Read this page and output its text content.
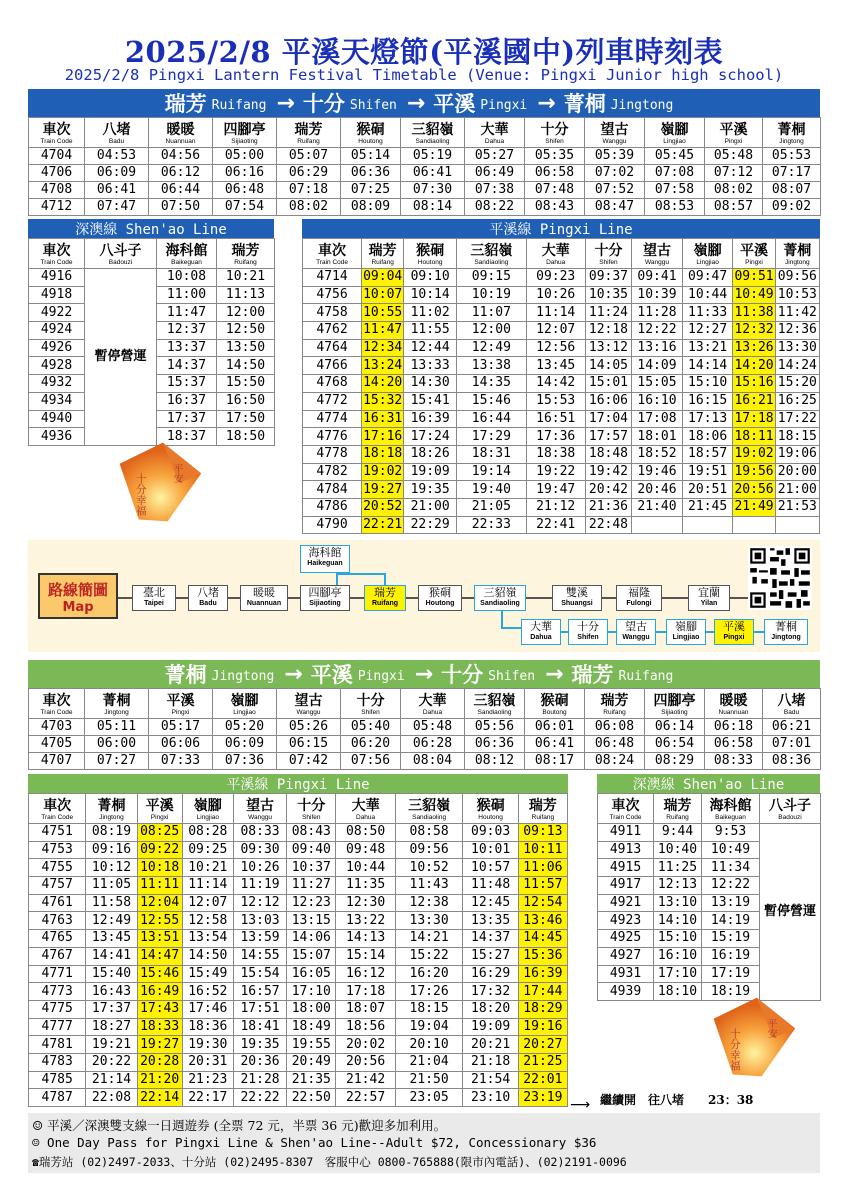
2025/2/8 平溪天燈節(平溪國中)列車時刻表
2025/2/8 Pingxi Lantern Festival Timetable (Venue: Pingxi Junior high school)
瑞芳 Ruifang → 十分 Shifen → 平溪 Pingxi → 菁桐 Jingtong
車次
Train Code	八堵
Badu	暖暖
Nuannuan	四腳亭
Sijiaoting	瑞芳
Ruifang	猴硐
Houtong	三貂嶺
Sandiaoling	大華
Dahua	十分
Shifen	望古
Wanggu	嶺腳
Lingjiao	平溪
Pingxi	菁桐
Jingtong

4704	04:53	04:56	05:00	05:07	05:14	05:19	05:27	05:35	05:39	05:45	05:48	05:53
4706	06:09	06:12	06:16	06:29	06:36	06:41	06:49	06:58	07:02	07:08	07:12	07:17
4708	06:41	06:44	06:48	07:18	07:25	07:30	07:38	07:48	07:52	07:58	08:02	08:07
4712	07:47	07:50	07:54	08:02	08:09	08:14	08:22	08:43	08:47	08:53	08:57	09:02
深澳線 Shen'ao Line
車次
Train Code	八斗子
Badouzi	海科館
Baikeguan	瑞芳
Ruifang

4916	暫停營運	10:08	10:21
4918		11:00	11:13
4922		11:47	12:00
4924		12:37	12:50
4926		13:37	13:50
4928		14:37	14:50
4932		15:37	15:50
4934		16:37	16:50
4940		17:37	17:50
4936		18:37	18:50
平溪線 Pingxi Line
車次
Train Code	瑞芳
Ruifang	猴硐
Houtong	三貂嶺
Sandiaoling	大華
Dahua	十分
Shifen	望古
Wanggu	嶺腳
Lingjiao	平溪
Pingxi	菁桐
Jingtong

4714	09:04	09:10	09:15	09:23	09:37	09:41	09:47	09:51	09:56
4756	10:07	10:14	10:19	10:26	10:35	10:39	10:44	10:49	10:53
4758	10:55	11:02	11:07	11:14	11:24	11:28	11:33	11:38	11:42
4762	11:47	11:55	12:00	12:07	12:18	12:22	12:27	12:32	12:36
4764	12:34	12:44	12:49	12:56	13:12	13:16	13:21	13:26	13:30
4766	13:24	13:33	13:38	13:45	14:05	14:09	14:14	14:20	14:24
4768	14:20	14:30	14:35	14:42	15:01	15:05	15:10	15:16	15:20
4772	15:32	15:41	15:46	15:53	16:06	16:10	16:15	16:21	16:25
4774	16:31	16:39	16:44	16:51	17:04	17:08	17:13	17:18	17:22
4776	17:16	17:24	17:29	17:36	17:57	18:01	18:06	18:11	18:15
4778	18:18	18:26	18:31	18:38	18:48	18:52	18:57	19:02	19:06
4782	19:02	19:09	19:14	19:22	19:42	19:46	19:51	19:56	20:00
4784	19:27	19:35	19:40	19:47	20:42	20:46	20:51	20:56	21:00
4786	20:52	21:00	21:05	21:12	21:36	21:40	21:45	21:49	21:53
4790	22:21	22:29	22:33	22:41	22:48				
路線簡圖
Map
海科館
Haikeguan
臺北
Taipei
八堵
Badu
暖暖
Nuannuan
四腳亭
Sijiaoting
瑞芳
Ruifang
猴硐
Houtong
三貂嶺
Sandiaoling
雙溪
Shuangsi
福隆
Fulongi
宜蘭
Yilan
大華
Dahua
十分
Shifen
望古
Wanggu
嶺腳
Lingjiao
平溪
Pingxi
菁桐
Jingtong
菁桐 Jingtong → 平溪 Pingxi → 十分 Shifen → 瑞芳 Ruifang
車次
Train Code	菁桐
Jingtong	平溪
Pingxi	嶺腳
Lingjiao	望古
Wanggu	十分
Shifen	大華
Dahua	三貂嶺
Sandiaoling	猴硐
Boutong	瑞芳
Ruifang	四腳亭
Sijiaoting	暖暖
Nuannuan	八堵
Badu

4703	05:11	05:17	05:20	05:26	05:40	05:48	05:56	06:01	06:08	06:14	06:18	06:21
4705	06:00	06:06	06:09	06:15	06:20	06:28	06:36	06:41	06:48	06:54	06:58	07:01
4707	07:27	07:33	07:36	07:42	07:56	08:04	08:12	08:17	08:24	08:29	08:33	08:36
平溪線 Pingxi Line
車次
Train Code	菁桐
Jingtong	平溪
Pingxi	嶺腳
Lingjiao	望古
Wanggu	十分
Shifen	大華
Dahua	三貂嶺
Sandiaoling	猴硐
Houtong	瑞芳
Ruifang

4751	08:19	08:25	08:28	08:33	08:43	08:50	08:58	09:03	09:13
4753	09:16	09:22	09:25	09:30	09:40	09:48	09:56	10:01	10:11
4755	10:12	10:18	10:21	10:26	10:37	10:44	10:52	10:57	11:06
4757	11:05	11:11	11:14	11:19	11:27	11:35	11:43	11:48	11:57
4761	11:58	12:04	12:07	12:12	12:23	12:30	12:38	12:45	12:54
4763	12:49	12:55	12:58	13:03	13:15	13:22	13:30	13:35	13:46
4765	13:45	13:51	13:54	13:59	14:06	14:13	14:21	14:37	14:45
4767	14:41	14:47	14:50	14:55	15:07	15:14	15:22	15:27	15:36
4771	15:40	15:46	15:49	15:54	16:05	16:12	16:20	16:29	16:39
4773	16:43	16:49	16:52	16:57	17:10	17:18	17:26	17:32	17:44
4775	17:37	17:43	17:46	17:51	18:00	18:07	18:15	18:20	18:29
4777	18:27	18:33	18:36	18:41	18:49	18:56	19:04	19:09	19:16
4781	19:21	19:27	19:30	19:35	19:55	20:02	20:10	20:21	20:27
4783	20:22	20:28	20:31	20:36	20:49	20:56	21:04	21:18	21:25
4785	21:14	21:20	21:23	21:28	21:35	21:42	21:50	21:54	22:01
4787	22:08	22:14	22:17	22:22	22:50	22:57	23:05	23:10	23:19 ⟶ 繼續開　往八堵　　23：38
深澳線 Shen'ao Line
車次
Train Code	瑞芳
Ruifang	海科館
Baikeguan	八斗子
Badouzi

4911	9:44	9:53	暫停營運
4913	10:40	10:49	
4915	11:25	11:34	
4917	12:13	12:22	
4921	13:10	13:19	
4923	14:10	14:19	
4925	15:10	15:19	
4927	16:10	16:19	
4931	17:10	17:19	
4939	18:10	18:19	
十分幸福
平安
十分幸福
平安
☺ 平溪／深澳雙支線一日週遊券 (全票 72 元，半票 36 元)歡迎多加利用。
☺ One Day Pass for Pingxi Line & Shen'ao Line--Adult $72, Concessionary $36
☎瑞芳站 (02)2497-2033、十分站 (02)2495-8307　客服中心 0800-765888(限市內電話)、(02)2191-0096
